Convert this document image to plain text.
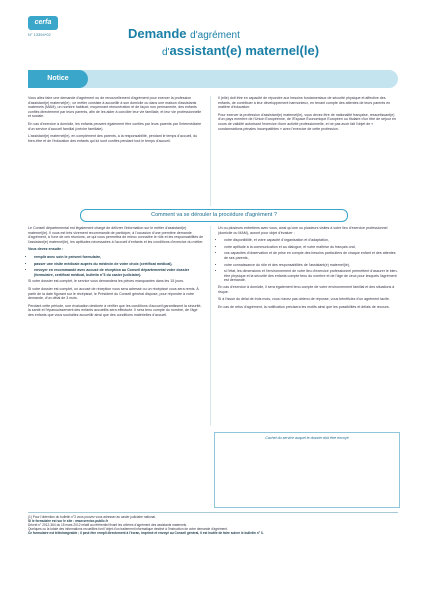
cerfa
N° 13394*02	Demande d'agrément
d'assistant(e) maternel(le)
Notice

Vous allez faire une demande d'agrément ou de renouvellement d'agrément pour exercer la profession d'assistant(e) maternel(le) ; ce métier consiste à accueillir à son domicile ou dans une maison d'assistants maternels (MAM), un nombre habituel, moyennant rémunération et de façon non permanente, des enfants confiés directement par leurs parents, afin de les aider à concilier leur vie familiale, et leur vie professionnelle et sociale.

En cas d'exercice à domicile, les enfants peuvent également être confiés par leurs parents par l'intermédiaire d'un service d'accueil familial (crèche familiale).

L'assistant(e) maternel(le), en complément des parents, a la responsabilité, pendant le temps d'accueil, du bien-être et de l'éducation des enfants qui lui sont confiés pendant tout le temps d'accueil.

Il (elle) doit être en capacité de répondre aux besoins fondamentaux de sécurité physique et affective des enfants, de contribuer à leur développement harmonieux, en tenant compte des attentes de leurs parents en matière d'éducation.

Pour exercer la profession d'assistant(e) maternel(le), vous devez être de nationalité française, ressortissant(e) d'un pays membre de l'Union Européenne, de l'Espace Économique Européen ou titulaire d'un titre de séjour en cours de validité autorisant l'exercice d'une activité professionnelle, et ne pas avoir fait l'objet de « condamnations pénales incompatibles » avec l'exercice de cette profession.

Comment va se dérouler la procédure d'agrément ?

Le Conseil départemental est légalement chargé de délivrer l'information sur le métier d'assistant(e) maternel(le). Il vous est très vivement recommandé de participer, à l'occasion d'une première demande d'agrément, à l'une de ces réunions, ce qui vous permettra de mieux connaître le rôle et les responsabilités de l'assistant(e) maternel(le), les aptitudes nécessaires à l'accueil d'enfants et les conditions d'exercice du métier.

Vous devez ensuite :

• remplir avec soin le présent formulaire,
• passer une visite médicale auprès du médecin de votre choix (certificat médical),
• envoyer en recommandé avec accusé de réception au Conseil départemental votre dossier (formulaire, certificat médical, bulletin n°3 du casier judiciaire).

Si votre dossier est complet, le service vous demandera les pièces manquantes dans les 15 jours.

Si votre dossier est complet, un accusé de réception vous sera adressé ou un récépissé vous sera remis. À partir de la date figurant sur le récépissé, le Président du Conseil général dispose, pour répondre à votre demande, d'un délai de 3 mois.

Pendant cette période, une évaluation destinée à vérifier que les conditions d'accueil garantissent la sécurité, la santé et l'épanouissement des enfants accueillis sera effectuée. Il sera tenu compte du nombre, de l'âge des enfants que vous souhaitez accueillir ainsi que des conditions matérielles d'accueil.

Un ou plusieurs entretiens avec vous, ainsi qu'une ou plusieurs visites à votre lieu d'exercice professionnel (domicile ou MAM), auront pour objet d'évaluer :

• votre disponibilité, et votre capacité d'organisation et d'adaptation,
• votre aptitude à la communication et au dialogue, et votre maîtrise du français oral,
• vos capacités d'observation et de prise en compte des besoins particuliers de chaque enfant et des attentes de ses parents,
• votre connaissance du rôle et des responsabilités de l'assistant(e) maternel(le),
• si l'état, les dimensions et l'environnement de votre lieu d'exercice professionnel permettent d'assurer le bien-être physique et la sécurité des enfants compte tenu du nombre et de l'âge de ceux pour lesquels l'agrément est demandé.

En cas d'exercice à domicile, il sera également tenu compte de votre environnement familial et des situations à risque.

Si à l'issue du délai de trois mois, vous n'avez pas obtenu de réponse, vous bénéficiez d'un agrément tacite.

En cas de refus d'agrément, la notification précisera les motifs ainsi que les possibilités et délais de recours.

Cachet du service auquel le dossier doit être envoyé
(1) Pour l'obtention du bulletin n°3 vous pouvez vous adresser au casier judiciaire national.
Si le formulaire est sur le site : www.service-public.fr
Décret n° 2012-364 du 15 mars 2012 relatif au référentiel fixant les critères d'agrément des assistants maternels.
Quelques ou la totale des informations recueillies font l'objet d'un traitement informatique destiné à l'instruction de votre demande d'agrément.
Ce formulaire est téléchargeable ; il peut être rempli directement à l'écran, imprimé et envoyé au Conseil général, il est inutile de faire suivre le bulletin n° 3.
